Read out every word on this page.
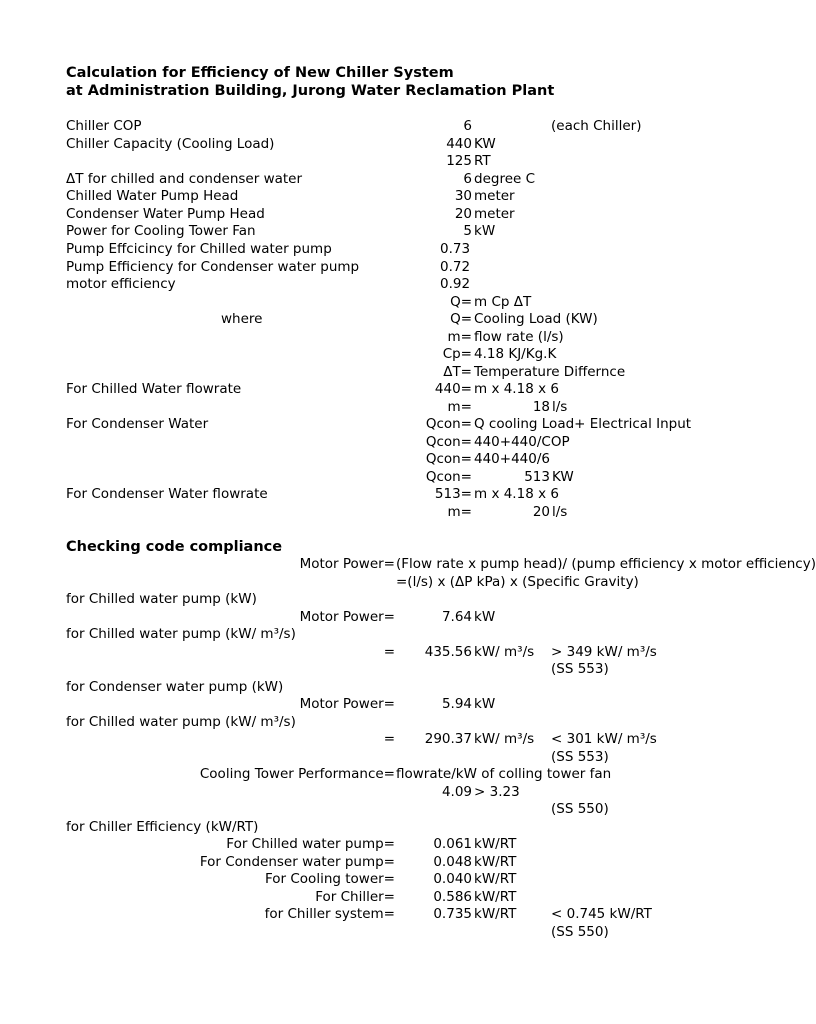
Calculation for Efficiency of New Chiller System
at Administration Building, Jurong Water Reclamation Plant
Chiller COP	6	(each Chiller)
Chiller Capacity (Cooling Load)	440 KW
125 RT
ΔT for chilled and condenser water	6 degree C
Chilled Water Pump Head	30 meter
Condenser Water Pump Head	20 meter
Power for Cooling Tower Fan	5 kW
Pump Effcicincy for Chilled water pump	0.73
Pump Efficiency for Condenser water pump	0.72
motor efficiency	0.92
Q= m Cp ΔT
where	Q= Cooling Load (KW)
m= flow rate (l/s)
Cp= 4.18 KJ/Kg.K
ΔT= Temperature Differnce
For Chilled Water flowrate	440= m x 4.18 x 6
m=	18 l/s
For Condenser Water	Qcon= Q cooling Load+ Electrical Input
Qcon= 440+440/COP
Qcon= 440+440/6
Qcon=	513 KW
For Condenser Water flowrate	513= m x 4.18 x 6
m=	20 l/s
Checking code compliance
Motor Power= (Flow rate x pump head)/ (pump efficiency x motor efficiency)
=(l/s) x (ΔP kPa) x (Specific Gravity)
for Chilled water pump (kW)
Motor Power=	7.64 kW
for Chilled water pump (kW/ m³/s)
=	435.56 kW/ m³/s > 349 kW/ m³/s
(SS 553)
for Condenser water pump (kW)
Motor Power=	5.94 kW
for Chilled water pump (kW/ m³/s)
=	290.37 kW/ m³/s < 301 kW/ m³/s
(SS 553)
Cooling Tower Performance= flowrate/kW of colling tower fan
4.09 > 3.23
(SS 550)
for Chiller Efficiency (kW/RT)
For Chilled water pump=	0.061 kW/RT
For Condenser water pump=	0.048 kW/RT
For Cooling tower=	0.040 kW/RT
For Chiller=	0.586 kW/RT
for Chiller system=	0.735 kW/RT	< 0.745 kW/RT
(SS 550)
